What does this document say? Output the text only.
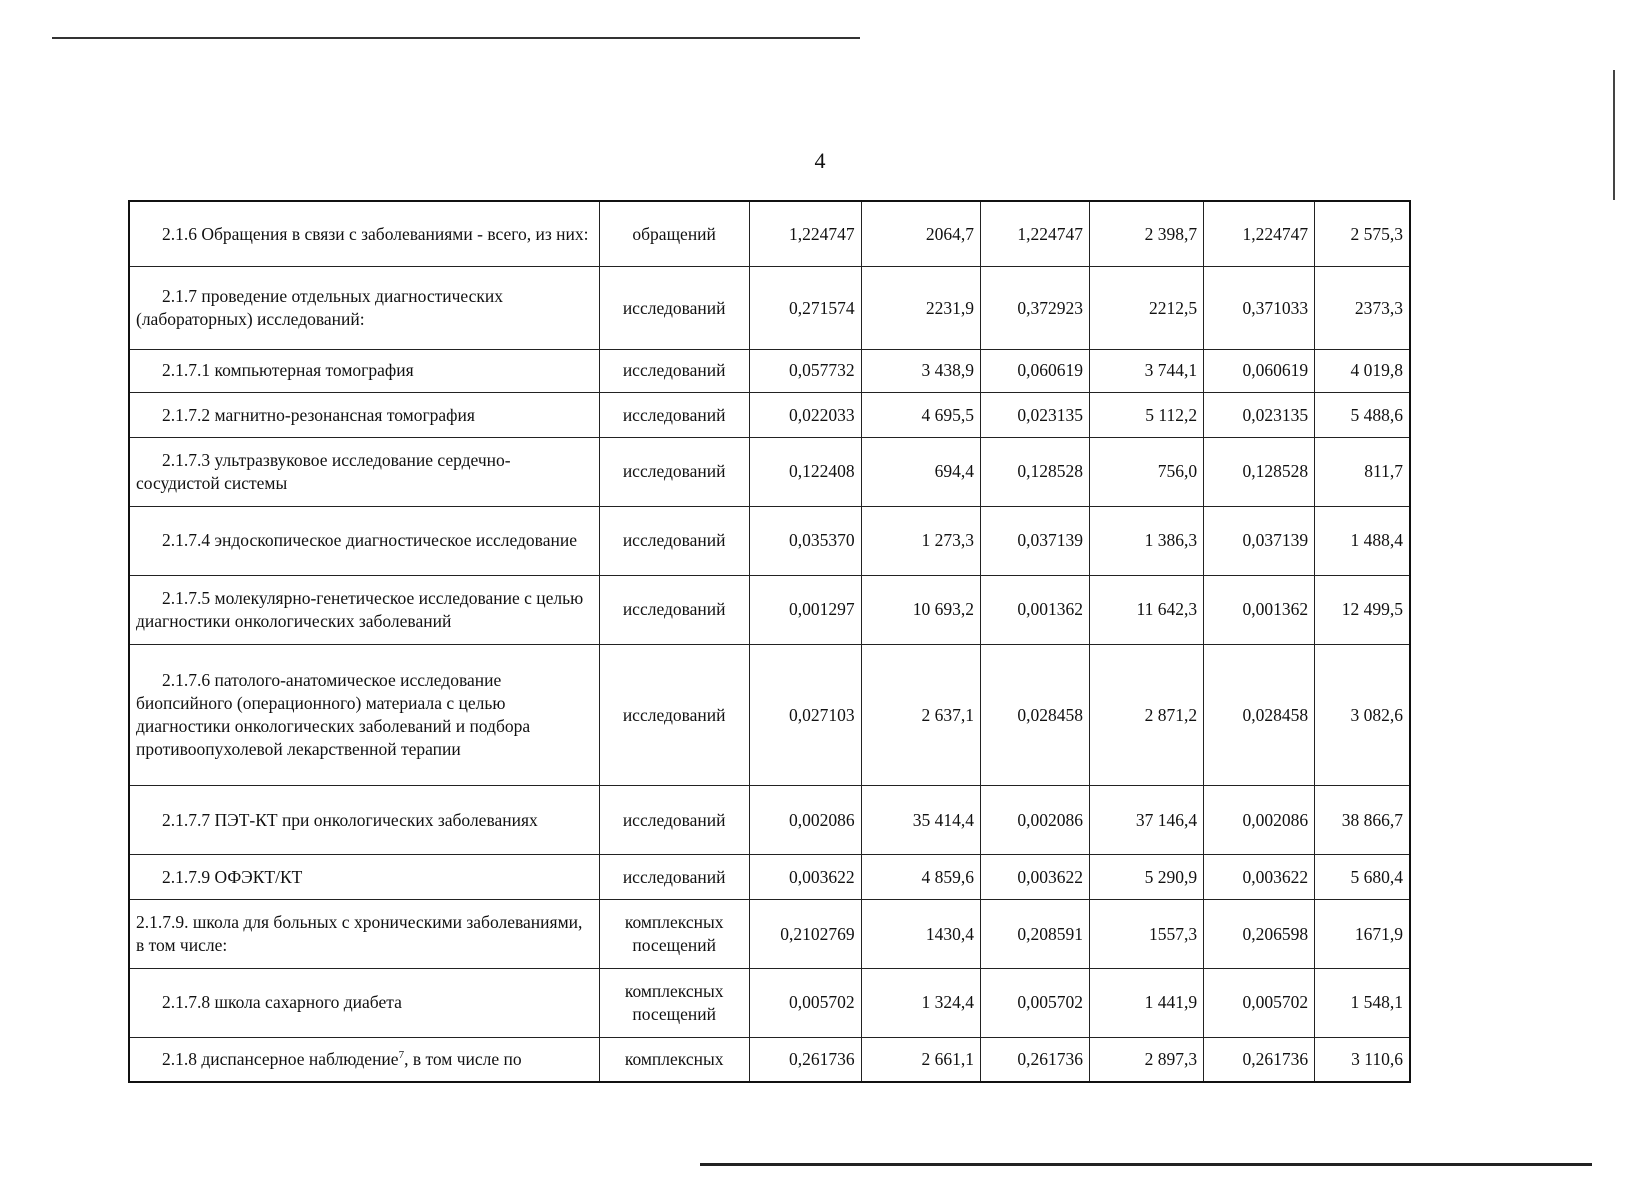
4
2.1.6 Обращения в связи с заболеваниями - всего, из них:	обращений	1,224747	2064,7	1,224747	2 398,7	1,224747	2 575,3
2.1.7 проведение отдельных диагностических (лабораторных) исследований:	исследований	0,271574	2231,9	0,372923	2212,5	0,371033	2373,3
2.1.7.1 компьютерная томография	исследований	0,057732	3 438,9	0,060619	3 744,1	0,060619	4 019,8
2.1.7.2 магнитно-резонансная томография	исследований	0,022033	4 695,5	0,023135	5 112,2	0,023135	5 488,6
2.1.7.3 ультразвуковое исследование сердечно-сосудистой системы	исследований	0,122408	694,4	0,128528	756,0	0,128528	811,7
2.1.7.4 эндоскопическое диагностическое исследование	исследований	0,035370	1 273,3	0,037139	1 386,3	0,037139	1 488,4
2.1.7.5 молекулярно-генетическое исследование с целью диагностики онкологических заболеваний	исследований	0,001297	10 693,2	0,001362	11 642,3	0,001362	12 499,5
2.1.7.6 патолого-анатомическое исследование биопсийного (операционного) материала с целью диагностики онкологических заболеваний и подбора противоопухолевой лекарственной терапии	исследований	0,027103	2 637,1	0,028458	2 871,2	0,028458	3 082,6
2.1.7.7 ПЭТ-КТ при онкологических заболеваниях	исследований	0,002086	35 414,4	0,002086	37 146,4	0,002086	38 866,7
2.1.7.9 ОФЭКТ/КТ	исследований	0,003622	4 859,6	0,003622	5 290,9	0,003622	5 680,4
2.1.7.9. школа для больных с хроническими заболеваниями, в том числе:	комплексных посещений	0,2102769	1430,4	0,208591	1557,3	0,206598	1671,9
2.1.7.8 школа сахарного диабета	комплексных посещений	0,005702	1 324,4	0,005702	1 441,9	0,005702	1 548,1
2.1.8 диспансерное наблюдение$^7$, в том числе по	комплексных	0,261736	2 661,1	0,261736	2 897,3	0,261736	3 110,6
